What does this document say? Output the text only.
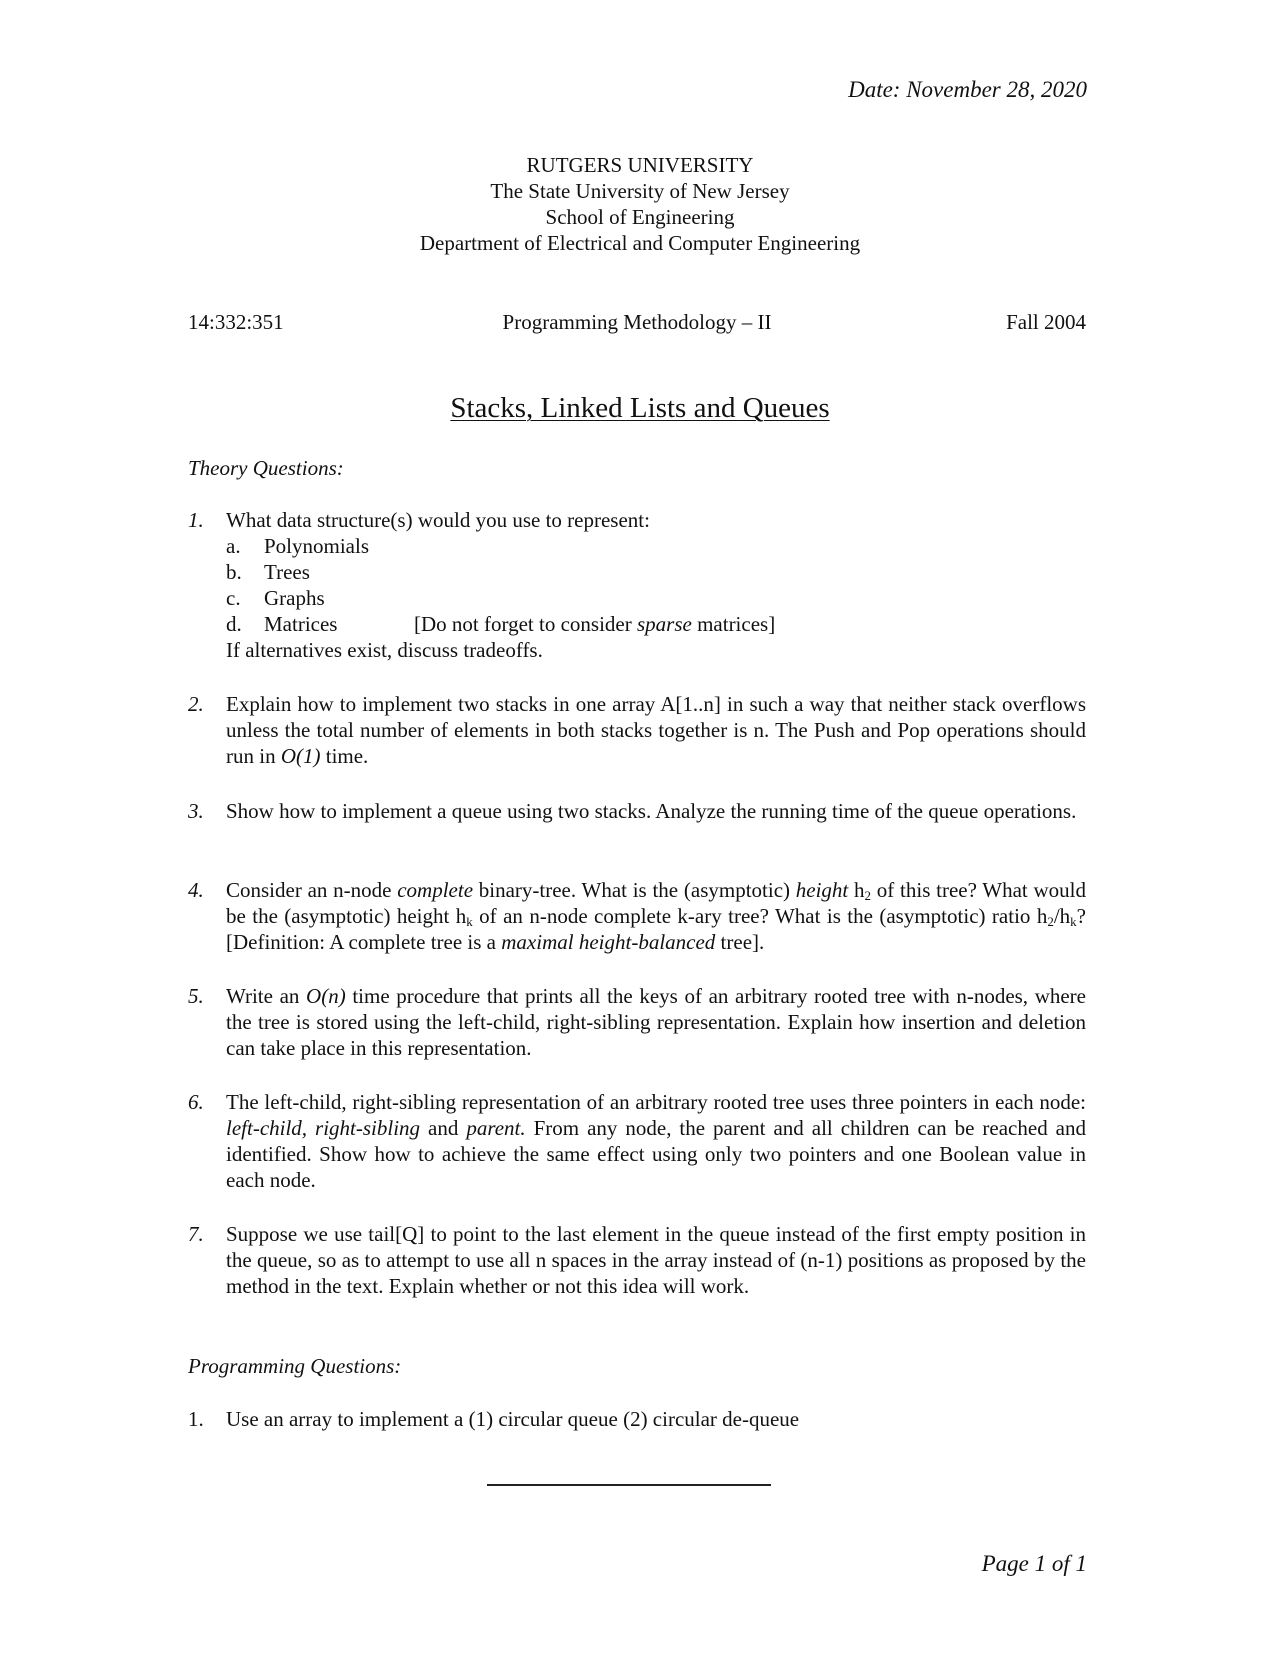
Date: November 28, 2020
RUTGERS UNIVERSITY
The State University of New Jersey
School of Engineering
Department of Electrical and Computer Engineering
Programming Methodology – II
14:332:351	Fall 2004
Stacks, Linked Lists and Queues
Theory Questions:
1. What data structure(s) would you use to represent:
a. Polynomials
b. Trees
c. Graphs
d. Matrices	[Do not forget to consider sparse matrices]
If alternatives exist, discuss tradeoffs.
2. Explain how to implement two stacks in one array A[1..n] in such a way that neither stack overflows unless the total number of elements in both stacks together is n. The Push and Pop operations should run in O(1) time.
3. Show how to implement a queue using two stacks. Analyze the running time of the queue operations.
4. Consider an n-node complete binary-tree. What is the (asymptotic) height $h_2$ of this tree? What would be the (asymptotic) height $h_k$ of an n-node complete k-ary tree? What is the (asymptotic) ratio $h_2/h_k$? [Definition: A complete tree is a maximal height-balanced tree].
5. Write an O(n) time procedure that prints all the keys of an arbitrary rooted tree with n-nodes, where the tree is stored using the left-child, right-sibling representation. Explain how insertion and deletion can take place in this representation.
6. The left-child, right-sibling representation of an arbitrary rooted tree uses three pointers in each node: left-child, right-sibling and parent. From any node, the parent and all children can be reached and identified. Show how to achieve the same effect using only two pointers and one Boolean value in each node.
7. Suppose we use tail[Q] to point to the last element in the queue instead of the first empty position in the queue, so as to attempt to use all n spaces in the array instead of (n-1) positions as proposed by the method in the text. Explain whether or not this idea will work.
Programming Questions:
1. Use an array to implement a (1) circular queue (2) circular de-queue
Page 1 of 1
